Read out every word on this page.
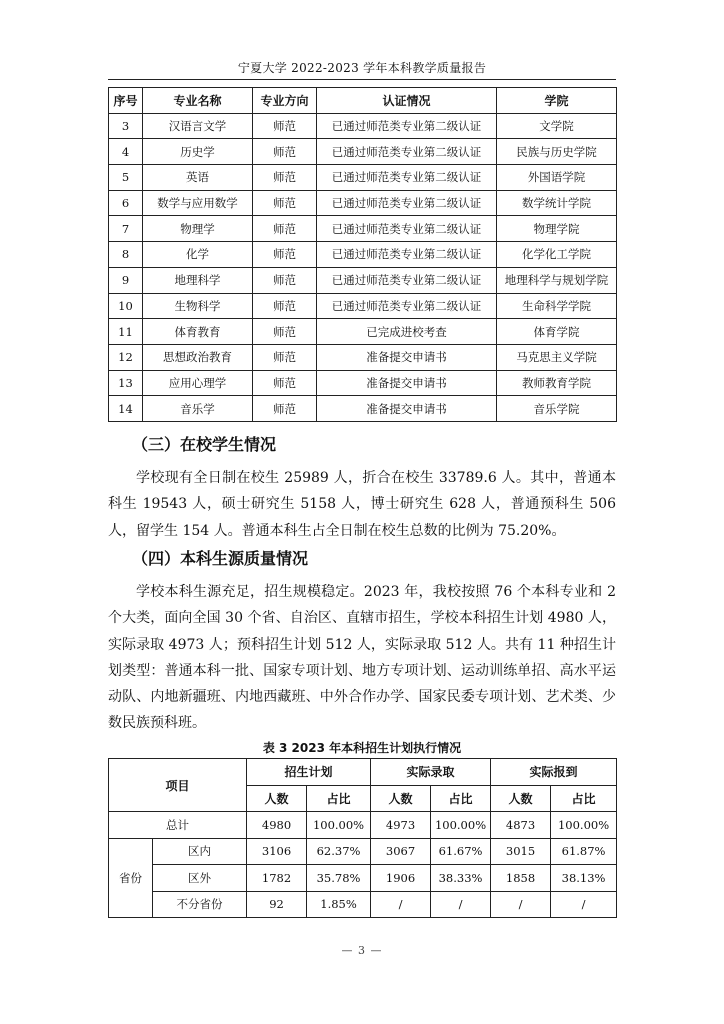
宁夏大学 2022-2023 学年本科教学质量报告
序号	专业名称	专业方向	认证情况	学院
3	汉语言文学	师范	已通过师范类专业第二级认证	文学院
4	历史学	师范	已通过师范类专业第二级认证	民族与历史学院
5	英语	师范	已通过师范类专业第二级认证	外国语学院
6	数学与应用数学	师范	已通过师范类专业第二级认证	数学统计学院
7	物理学	师范	已通过师范类专业第二级认证	物理学院
8	化学	师范	已通过师范类专业第二级认证	化学化工学院
9	地理科学	师范	已通过师范类专业第二级认证	地理科学与规划学院
10	生物科学	师范	已通过师范类专业第二级认证	生命科学学院
11	体育教育	师范	已完成进校考查	体育学院
12	思想政治教育	师范	准备提交申请书	马克思主义学院
13	应用心理学	师范	准备提交申请书	教师教育学院
14	音乐学	师范	准备提交申请书	音乐学院
（三）在校学生情况

学校现有全日制在校生 25989 人，折合在校生 33789.6 人。其中，普通本科生 19543 人，硕士研究生 5158 人，博士研究生 628 人，普通预科生 506 人，留学生 154 人。普通本科生占全日制在校生总数的比例为 75.20%。

（四）本科生源质量情况

学校本科生源充足，招生规模稳定。2023 年，我校按照 76 个本科专业和 2 个大类，面向全国 30 个省、自治区、直辖市招生，学校本科招生计划 4980 人，实际录取 4973 人；预科招生计划 512 人，实际录取 512 人。共有 11 种招生计划类型：普通本科一批、国家专项计划、地方专项计划、运动训练单招、高水平运动队、内地新疆班、内地西藏班、中外合作办学、国家民委专项计划、艺术类、少数民族预科班。

表 3 2023 年本科招生计划执行情况
项目		招生计划		实际录取		实际报到	
		人数	占比	人数	占比	人数	占比
总计		4980	100.00%	4973	100.00%	4873	100.00%
省份	区内	3106	62.37%	3067	61.67%	3015	61.87%
	区外	1782	35.78%	1906	38.33%	1858	38.13%
	不分省份	92	1.85%	/	/	/	/
— 3 —
